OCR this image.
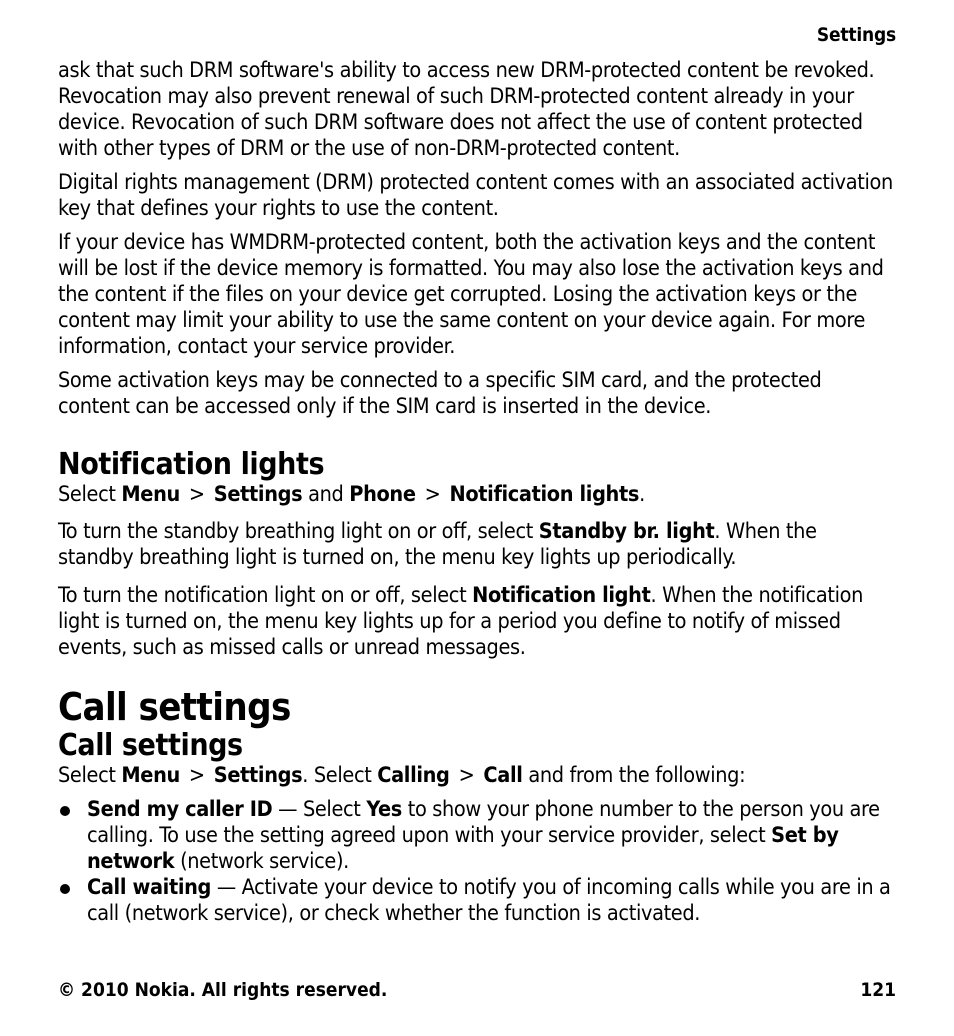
Settings

ask that such DRM software's ability to access new DRM-protected content be revoked. Revocation may also prevent renewal of such DRM-protected content already in your device. Revocation of such DRM software does not affect the use of content protected with other types of DRM or the use of non-DRM-protected content.

Digital rights management (DRM) protected content comes with an associated activation key that defines your rights to use the content.

If your device has WMDRM-protected content, both the activation keys and the content will be lost if the device memory is formatted. You may also lose the activation keys and the content if the files on your device get corrupted. Losing the activation keys or the content may limit your ability to use the same content on your device again. For more information, contact your service provider.

Some activation keys may be connected to a specific SIM card, and the protected content can be accessed only if the SIM card is inserted in the device.

Notification lights

Select Menu > Settings and Phone > Notification lights.

To turn the standby breathing light on or off, select Standby br. light. When the standby breathing light is turned on, the menu key lights up periodically.

To turn the notification light on or off, select Notification light. When the notification light is turned on, the menu key lights up for a period you define to notify of missed events, such as missed calls or unread messages.

Call settings
Call settings

Select Menu > Settings. Select Calling > Call and from the following:

Send my caller ID — Select Yes to show your phone number to the person you are calling. To use the setting agreed upon with your service provider, select Set by network (network service).
Call waiting — Activate your device to notify you of incoming calls while you are in a call (network service), or check whether the function is activated.
© 2010 Nokia. All rights reserved.	121
